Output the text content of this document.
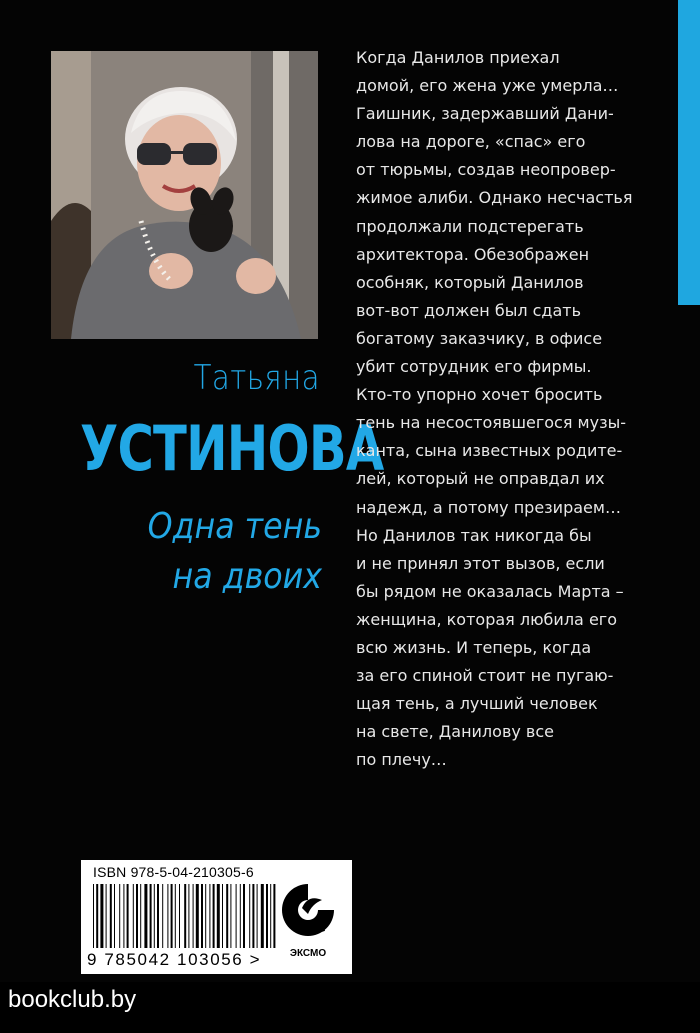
Татьяна
УСТИНОВА
Одна тень
на двоих
Когда Данилов приехал
домой, его жена уже умерла…
Гаишник, задержавший Дани-
лова на дороге, «спас» его
от тюрьмы, создав неопровер-
жимое алиби. Однако несчастья
продолжали подстерегать
архитектора. Обезображен
особняк, который Данилов
вот-вот должен был сдать
богатому заказчику, в офисе
убит сотрудник его фирмы.
Кто-то упорно хочет бросить
тень на несостоявшегося музы-
канта, сына известных родите-
лей, который не оправдал их
надежд, а потому презираем…
Но Данилов так никогда бы
и не принял этот вызов, если
бы рядом не оказалась Марта –
женщина, которая любила его
всю жизнь. И теперь, когда
за его спиной стоит не пугаю-
щая тень, а лучший человек
на свете, Данилову все
по плечу…
ISBN 978-5-04-210305-6
9 785042 103056 >	ЭКСМО
bookclub.by
